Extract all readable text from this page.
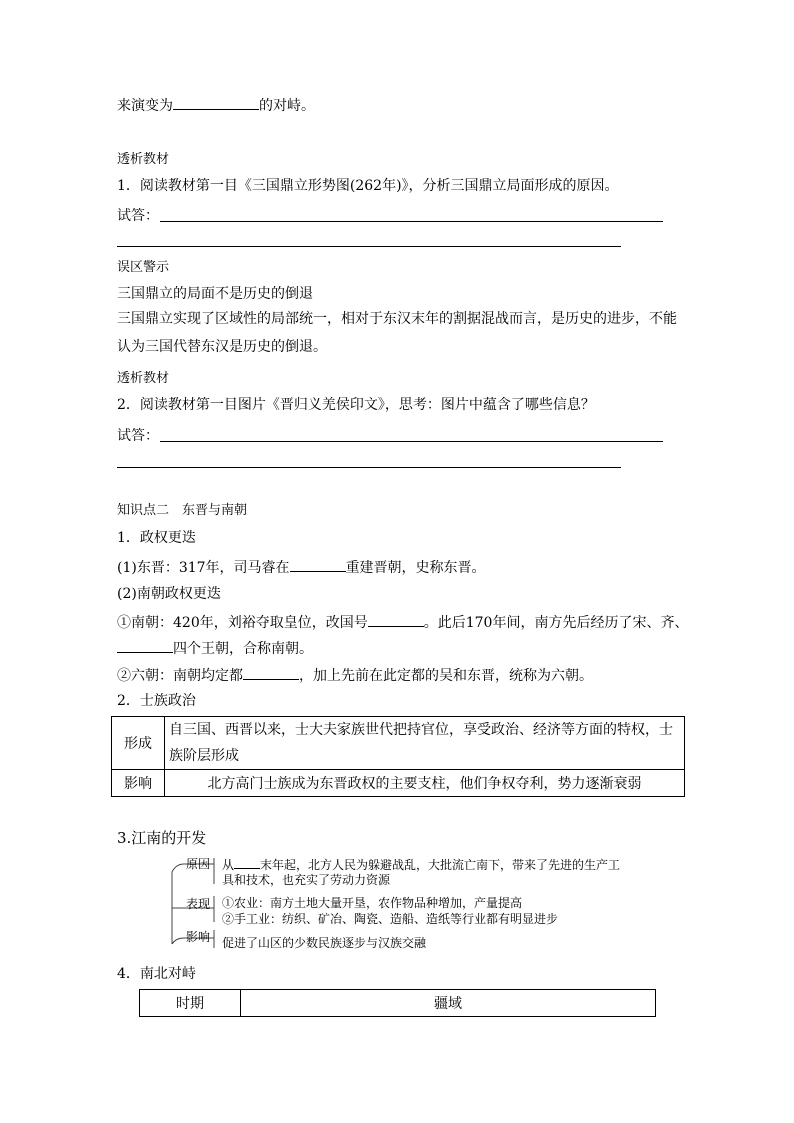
来演变为	的对峙。
透析教材
1．阅读教材第一目《三国鼎立形势图(262年)》，分析三国鼎立局面形成的原因。
试答：
误区警示
三国鼎立的局面不是历史的倒退
三国鼎立实现了区域性的局部统一，相对于东汉末年的割据混战而言，是历史的进步，不能
认为三国代替东汉是历史的倒退。
透析教材
2．阅读教材第一目图片《晋归义羌侯印文》，思考：图片中蕴含了哪些信息？
试答：
知识点二　东晋与南朝
1．政权更迭
(1)东晋：317年，司马睿在	重建晋朝，史称东晋。
(2)南朝政权更迭
①南朝：420年，刘裕夺取皇位，改国号	。此后170年间，南方先后经历了宋、齐、
四个王朝，合称南朝。
②六朝：南朝均定都	，加上先前在此定都的吴和东晋，统称为六朝。
2．士族政治
形成	自三国、西晋以来，士大夫家族世代把持官位，享受政治、经济等方面的特权，士
族阶层形成
影响	北方高门士族成为东晋政权的主要支柱，他们争权夺利，势力逐渐衰弱
3.江南的开发
原因 从 末年起，北方人民为躲避战乱，大批流亡南下，带来了先进的生产工
具和技术，也充实了劳动力资源
表现 ①农业：南方土地大量开垦，农作物品种增加，产量提高
②手工业：纺织、矿冶、陶瓷、造船、造纸等行业都有明显进步
影响 促进了山区的少数民族逐步与汉族交融
4．南北对峙
时期	疆域
